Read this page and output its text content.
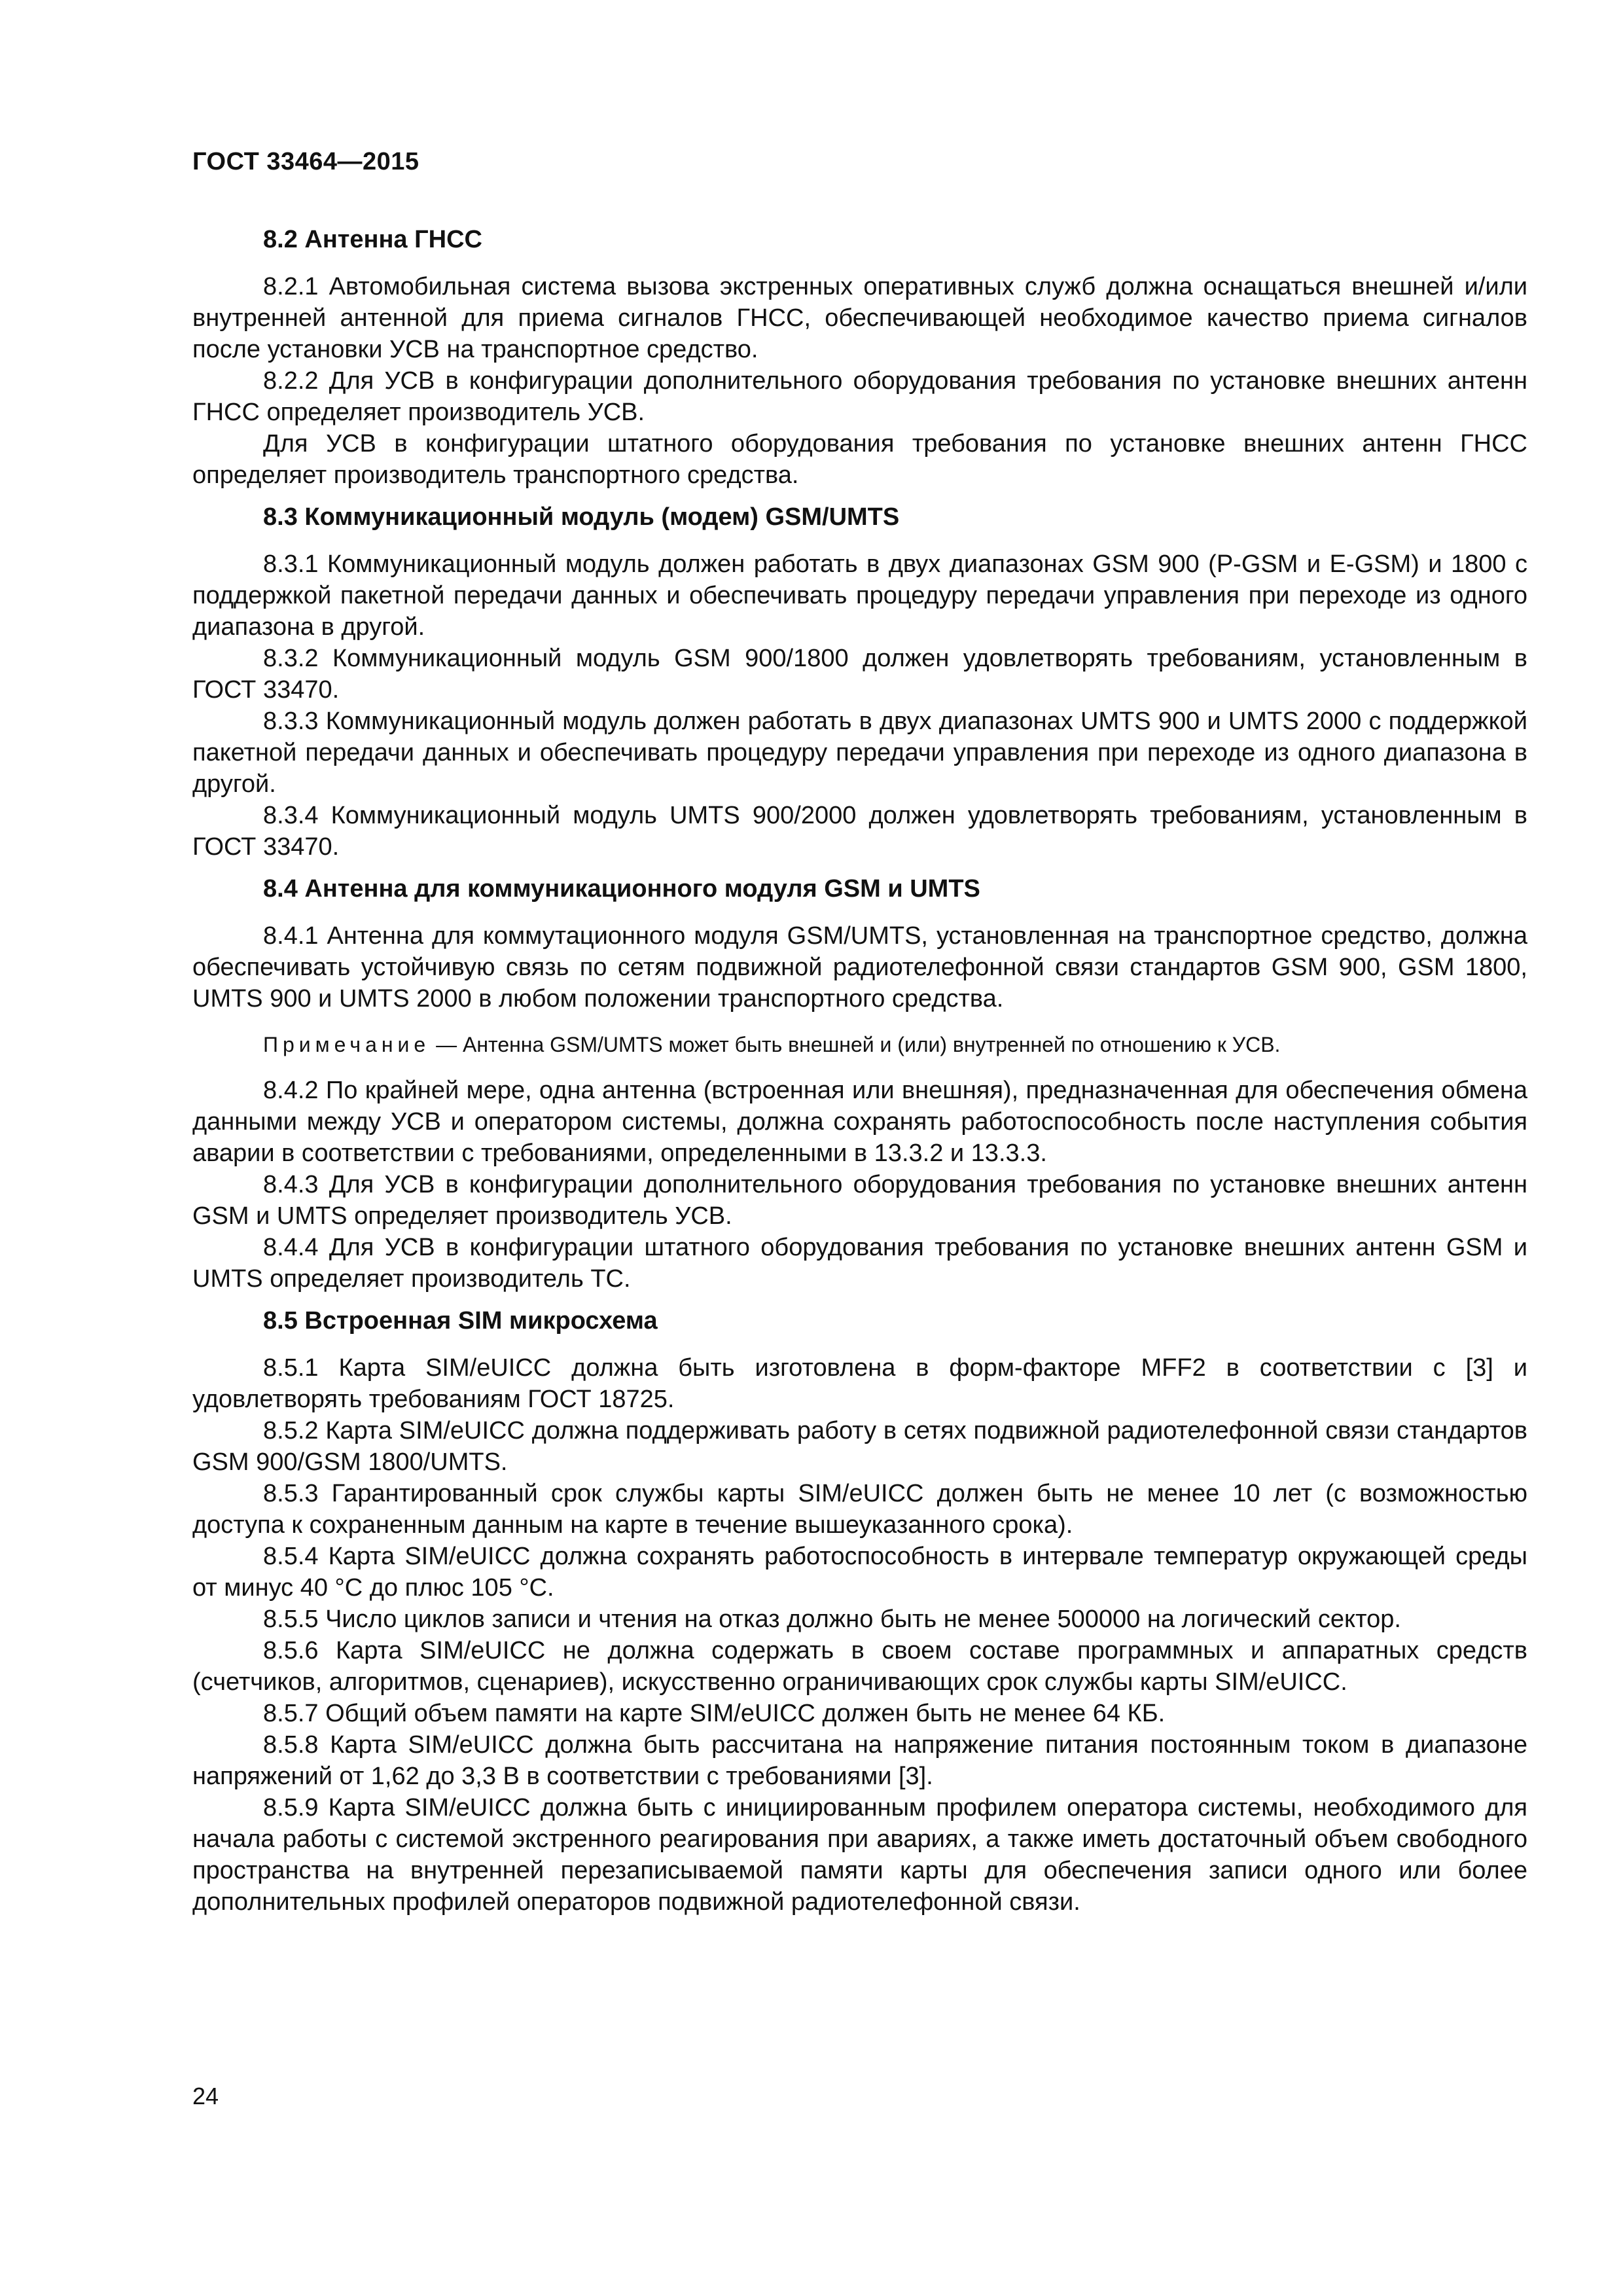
ГОСТ 33464—2015
8.2 Антенна ГНСС

8.2.1 Автомобильная система вызова экстренных оперативных служб должна оснащаться внешней и/или внутренней антенной для приема сигналов ГНСС, обеспечивающей необходимое качество приема сигналов после установки УСВ на транспортное средство.

8.2.2 Для УСВ в конфигурации дополнительного оборудования требования по установке внешних антенн ГНСС определяет производитель УСВ.

Для УСВ в конфигурации штатного оборудования требования по установке внешних антенн ГНСС определяет производитель транспортного средства.

8.3 Коммуникационный модуль (модем) GSM/UMTS

8.3.1 Коммуникационный модуль должен работать в двух диапазонах GSM 900 (P-GSM и E-GSM) и 1800 с поддержкой пакетной передачи данных и обеспечивать процедуру передачи управления при переходе из одного диапазона в другой.

8.3.2 Коммуникационный модуль GSM 900/1800 должен удовлетворять требованиям, установленным в ГОСТ 33470.

8.3.3 Коммуникационный модуль должен работать в двух диапазонах UMTS 900 и UMTS 2000 с поддержкой пакетной передачи данных и обеспечивать процедуру передачи управления при переходе из одного диапазона в другой.

8.3.4 Коммуникационный модуль UMTS 900/2000 должен удовлетворять требованиям, установленным в ГОСТ 33470.

8.4 Антенна для коммуникационного модуля GSM и UMTS

8.4.1 Антенна для коммутационного модуля GSM/UMTS, установленная на транспортное средство, должна обеспечивать устойчивую связь по сетям подвижной радиотелефонной связи стандартов GSM 900, GSM 1800, UMTS 900 и UMTS 2000 в любом положении транспортного средства.

Примечание — Антенна GSM/UMTS может быть внешней и (или) внутренней по отношению к УСВ.

8.4.2 По крайней мере, одна антенна (встроенная или внешняя), предназначенная для обеспечения обмена данными между УСВ и оператором системы, должна сохранять работоспособность после наступления события аварии в соответствии с требованиями, определенными в 13.3.2 и 13.3.3.

8.4.3 Для УСВ в конфигурации дополнительного оборудования требования по установке внешних антенн GSM и UMTS определяет производитель УСВ.

8.4.4 Для УСВ в конфигурации штатного оборудования требования по установке внешних антенн GSM и UMTS определяет производитель ТС.

8.5 Встроенная SIM микросхема

8.5.1 Карта SIM/eUICC должна быть изготовлена в форм-факторе MFF2 в соответствии с [3] и удовлетворять требованиям ГОСТ 18725.

8.5.2 Карта SIM/eUICC должна поддерживать работу в сетях подвижной радиотелефонной связи стандартов GSM 900/GSM 1800/UMTS.

8.5.3 Гарантированный срок службы карты SIM/eUICC должен быть не менее 10 лет (с возможностью доступа к сохраненным данным на карте в течение вышеуказанного срока).

8.5.4 Карта SIM/eUICC должна сохранять работоспособность в интервале температур окружающей среды от минус 40 °С до плюс 105 °С.

8.5.5 Число циклов записи и чтения на отказ должно быть не менее 500000 на логический сектор.

8.5.6 Карта SIM/eUICC не должна содержать в своем составе программных и аппаратных средств (счетчиков, алгоритмов, сценариев), искусственно ограничивающих срок службы карты SIM/eUICC.

8.5.7 Общий объем памяти на карте SIM/eUICC должен быть не менее 64 КБ.

8.5.8 Карта SIM/eUICC должна быть рассчитана на напряжение питания постоянным током в диапазоне напряжений от 1,62 до 3,3 В в соответствии с требованиями [3].

8.5.9 Карта SIM/eUICC должна быть с инициированным профилем оператора системы, необходимого для начала работы с системой экстренного реагирования при авариях, а также иметь достаточный объем свободного пространства на внутренней перезаписываемой памяти карты для обеспечения записи одного или более дополнительных профилей операторов подвижной радиотелефонной связи.

24
